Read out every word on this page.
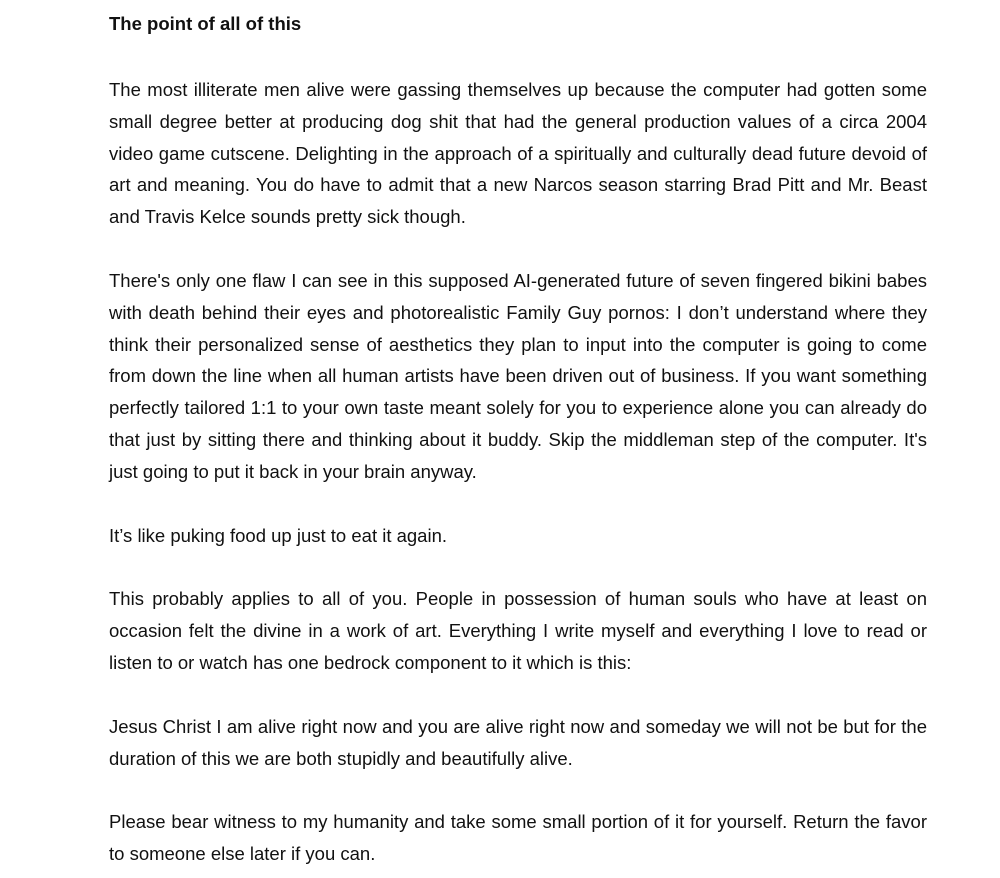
The point of all of this

The most illiterate men alive were gassing themselves up because the computer had gotten some small degree better at producing dog shit that had the general production values of a circa 2004 video game cutscene. Delighting in the approach of a spiritually and culturally dead future devoid of art and meaning. You do have to admit that a new Narcos season starring Brad Pitt and Mr. Beast and Travis Kelce sounds pretty sick though.

There's only one flaw I can see in this supposed AI-generated future of seven fingered bikini babes with death behind their eyes and photorealistic Family Guy pornos: I don’t understand where they think their personalized sense of aesthetics they plan to input into the computer is going to come from down the line when all human artists have been driven out of business. If you want something perfectly tailored 1:1 to your own taste meant solely for you to experience alone you can already do that just by sitting there and thinking about it buddy. Skip the middleman step of the computer. It's just going to put it back in your brain anyway.

It’s like puking food up just to eat it again.

This probably applies to all of you. People in possession of human souls who have at least on occasion felt the divine in a work of art. Everything I write myself and everything I love to read or listen to or watch has one bedrock component to it which is this:

Jesus Christ I am alive right now and you are alive right now and someday we will not be but for the duration of this we are both stupidly and beautifully alive.

Please bear witness to my humanity and take some small portion of it for yourself. Return the favor to someone else later if you can.
